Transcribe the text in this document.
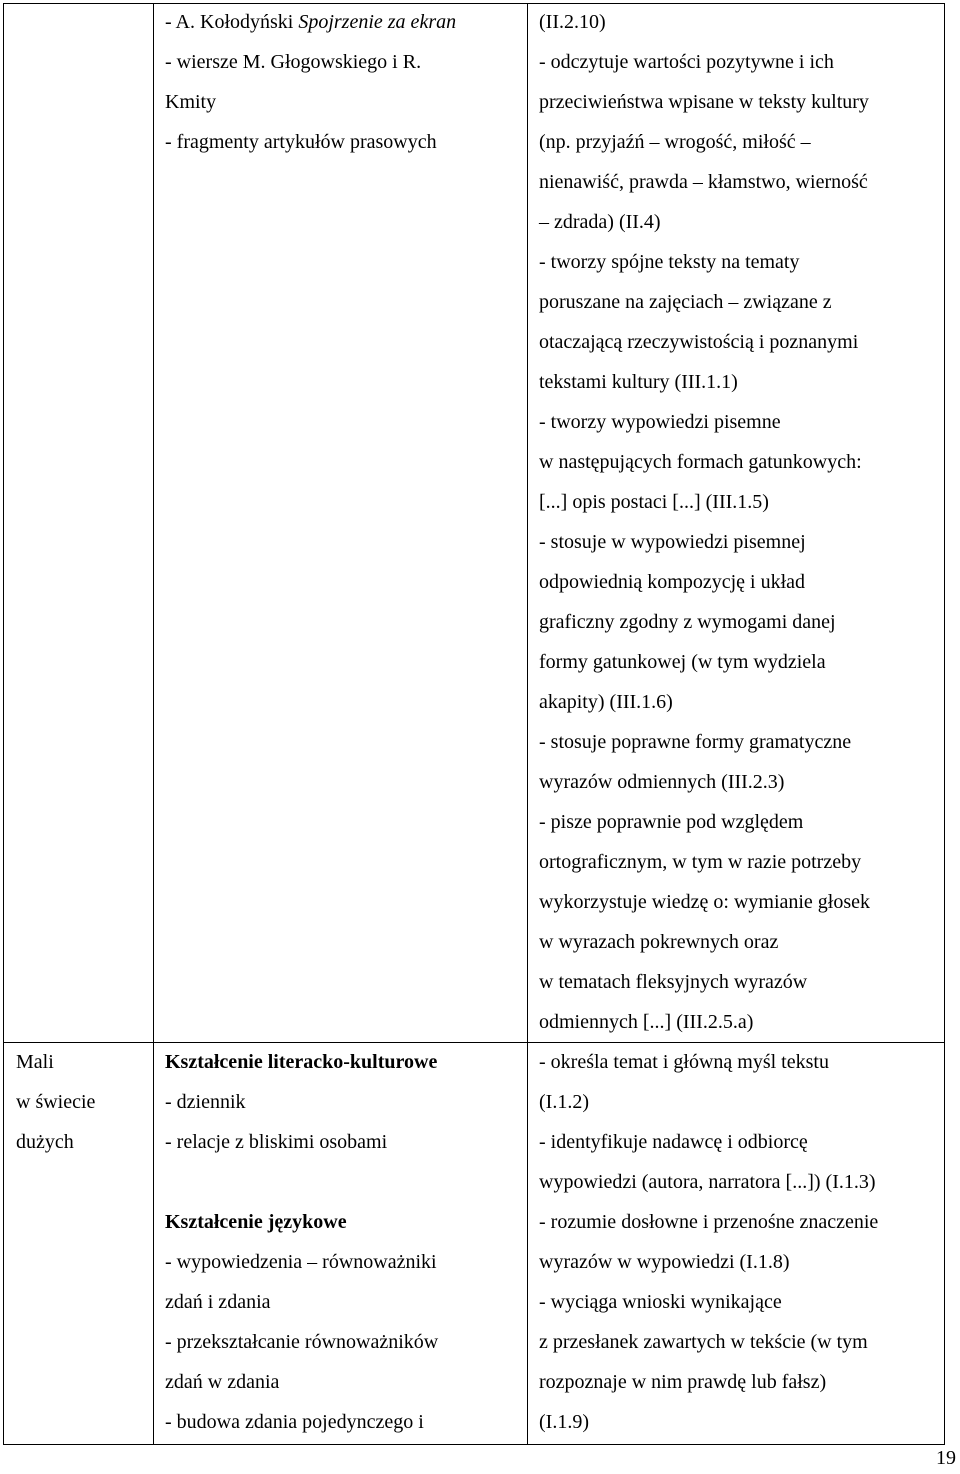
- A. Kołodyński Spojrzenie za ekran
- wiersze M. Głogowskiego i R.
Kmity
- fragmenty artykułów prasowych
(II.2.10)
- odczytuje wartości pozytywne i ich
przeciwieństwa wpisane w teksty kultury
(np. przyjaźń – wrogość, miłość –
nienawiść, prawda – kłamstwo, wierność
– zdrada) (II.4)
- tworzy spójne teksty na tematy
poruszane na zajęciach – związane z
otaczającą rzeczywistością i poznanymi
tekstami kultury (III.1.1)
- tworzy wypowiedzi pisemne
w następujących formach gatunkowych:
[...] opis postaci [...] (III.1.5)
- stosuje w wypowiedzi pisemnej
odpowiednią kompozycję i układ
graficzny zgodny z wymogami danej
formy gatunkowej (w tym wydziela
akapity) (III.1.6)
- stosuje poprawne formy gramatyczne
wyrazów odmiennych (III.2.3)
- pisze poprawnie pod względem
ortograficznym, w tym w razie potrzeby
wykorzystuje wiedzę o: wymianie głosek
w wyrazach pokrewnych oraz
w tematach fleksyjnych wyrazów
odmiennych [...] (III.2.5.a)
Mali
w świecie
dużych
Kształcenie literacko-kulturowe
- dziennik
- relacje z bliskimi osobami
Kształcenie językowe
- wypowiedzenia – równoważniki
zdań i zdania
- przekształcanie równoważników
zdań w zdania
- budowa zdania pojedynczego i
- określa temat i główną myśl tekstu
(I.1.2)
- identyfikuje nadawcę i odbiorcę
wypowiedzi (autora, narratora [...]) (I.1.3)
- rozumie dosłowne i przenośne znaczenie
wyrazów w wypowiedzi (I.1.8)
- wyciąga wnioski wynikające
z przesłanek zawartych w tekście (w tym
rozpoznaje w nim prawdę lub fałsz)
(I.1.9)
19
